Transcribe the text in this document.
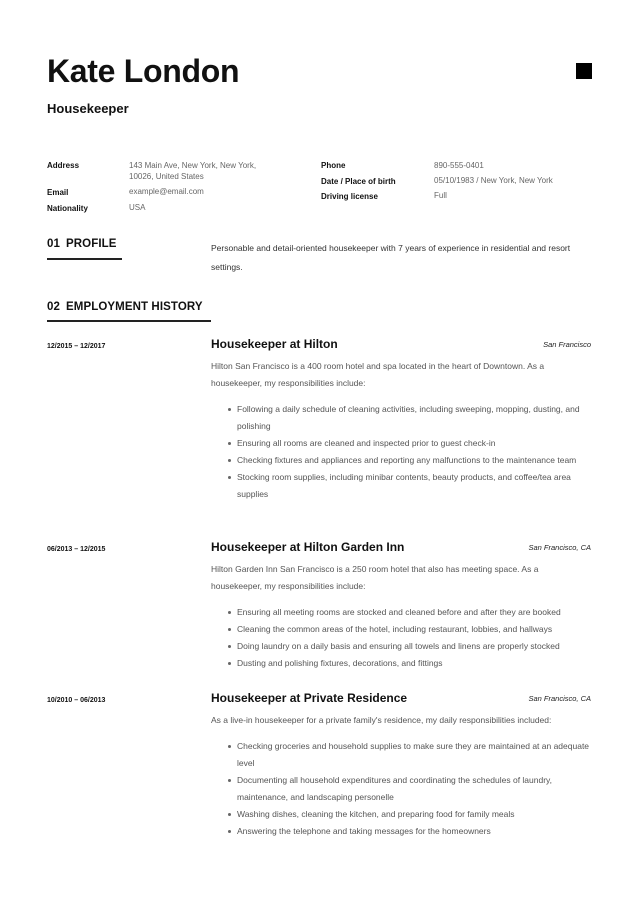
Kate London
Housekeeper
Address	143 Main Ave, New York, New York,
10026, United States
Email	example@email.com
Nationality	USA
Phone	890-555-0401
Date / Place of birth	05/10/1983 / New York, New York
Driving license	Full
01 PROFILE	Personable and detail-oriented housekeeper with 7 years of experience in residential and resort settings.
02 EMPLOYMENT HISTORY
12/2015 – 12/2017	Housekeeper at Hilton	San Francisco
Hilton San Francisco is a 400 room hotel and spa located in the heart of Downtown. As a housekeeper, my responsibilities include:
Following a daily schedule of cleaning activities, including sweeping, mopping, dusting, and polishing
Ensuring all rooms are cleaned and inspected prior to guest check-in
Checking fixtures and appliances and reporting any malfunctions to the maintenance team
Stocking room supplies, including minibar contents, beauty products, and coffee/tea area supplies
06/2013 – 12/2015	Housekeeper at Hilton Garden Inn	San Francisco, CA
Hilton Garden Inn San Francisco is a 250 room hotel that also has meeting space. As a housekeeper, my responsibilities include:
Ensuring all meeting rooms are stocked and cleaned before and after they are booked
Cleaning the common areas of the hotel, including restaurant, lobbies, and hallways
Doing laundry on a daily basis and ensuring all towels and linens are properly stocked
Dusting and polishing fixtures, decorations, and fittings
10/2010 – 06/2013	Housekeeper at Private Residence	San Francisco, CA
As a live-in housekeeper for a private family's residence, my daily responsibilities included:
Checking groceries and household supplies to make sure they are maintained at an adequate level
Documenting all household expenditures and coordinating the schedules of laundry, maintenance, and landscaping personelle
Washing dishes, cleaning the kitchen, and preparing food for family meals
Answering the telephone and taking messages for the homeowners
